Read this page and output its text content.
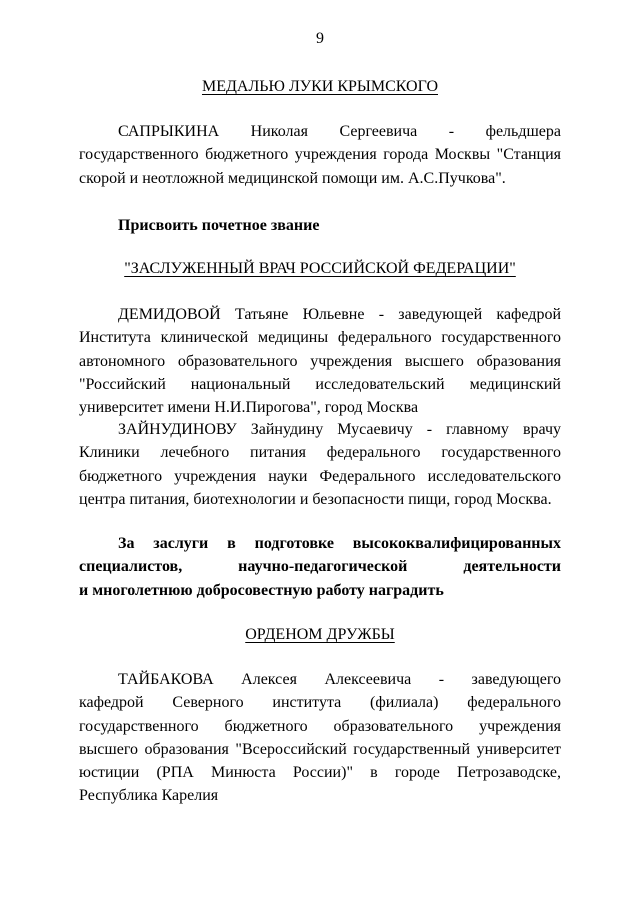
9
МЕДАЛЬЮ ЛУКИ КРЫМСКОГО
САПРЫКИНА Николая Сергеевича - фельдшера
государственного бюджетного учреждения города Москвы "Станция
скорой и неотложной медицинской помощи им. А.С.Пучкова".
Присвоить почетное звание
"ЗАСЛУЖЕННЫЙ ВРАЧ РОССИЙСКОЙ ФЕДЕРАЦИИ"
ДЕМИДОВОЙ Татьяне Юльевне - заведующей кафедрой
Института клинической медицины федерального государственного
автономного образовательного учреждения высшего образования
"Российский национальный исследовательский медицинский
университет имени Н.И.Пирогова", город Москва
ЗАЙНУДИНОВУ Зайнудину Мусаевичу - главному врачу
Клиники лечебного питания федерального государственного
бюджетного учреждения науки Федерального исследовательского
центра питания, биотехнологии и безопасности пищи, город Москва.
За заслуги в подготовке высококвалифицированных
специалистов, научно-педагогической деятельности
и многолетнюю добросовестную работу наградить
ОРДЕНОМ ДРУЖБЫ
ТАЙБАКОВА Алексея Алексеевича - заведующего
кафедрой Северного института (филиала) федерального
государственного бюджетного образовательного учреждения
высшего образования "Всероссийский государственный университет
юстиции (РПА Минюста России)" в городе Петрозаводске,
Республика Карелия
